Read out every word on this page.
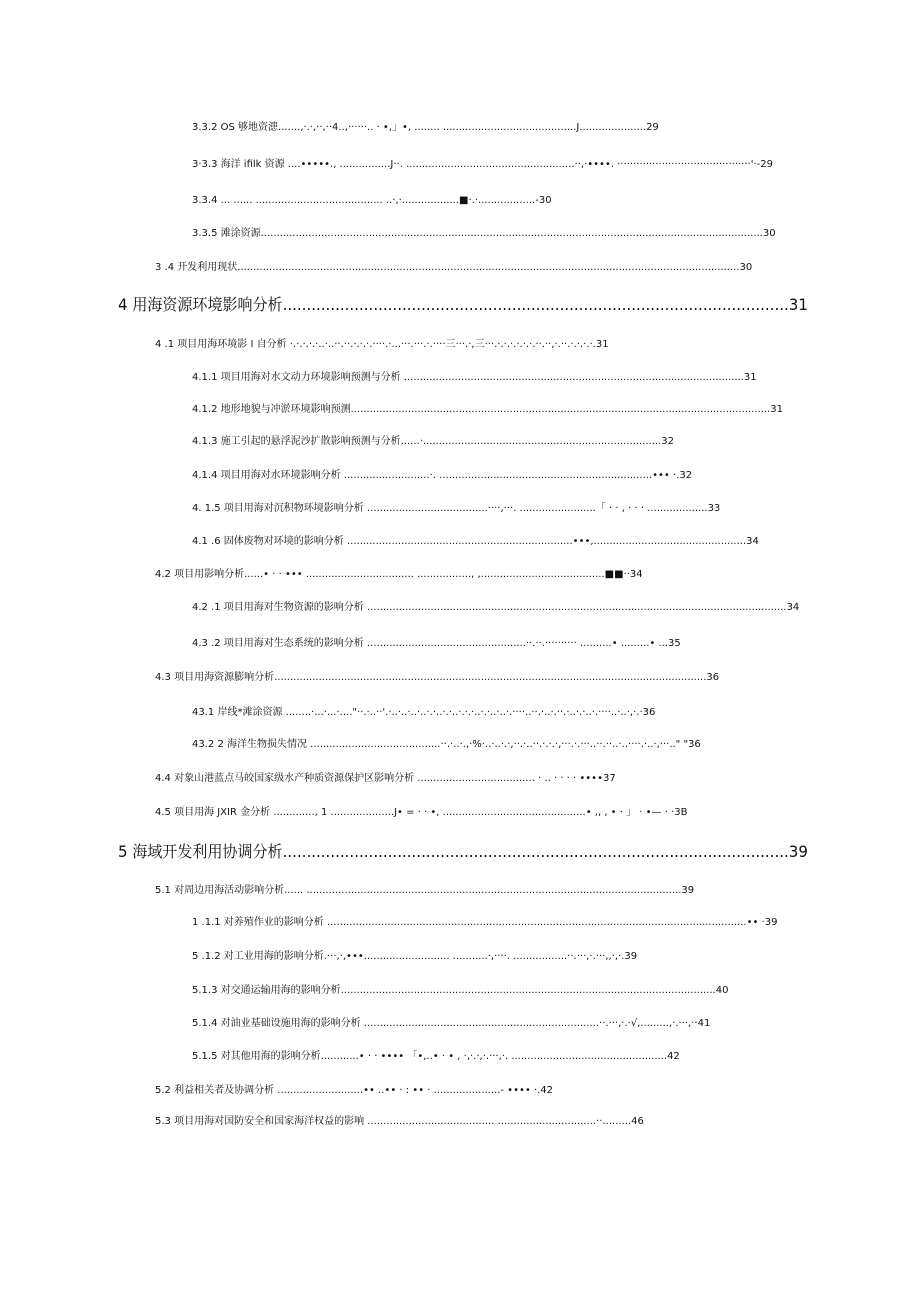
3.3.2 OS 够地资漶.......,·.·,··,··4..,······.. · •,」•, ........ ..........................................J.....................29
3·3.3 海洋 ifilk 资源 ....•••••., ................J··. .....................................................··,·••••. ··········································'·-29
3.3.4 ... ...... ........................................ ..·,·..................■·.·..................-30
3.3.5 滩涂资源..............................................................................................................................................................30
3 .4 开发利用现状..............................................................................................................................................................30
4 用海资源环境影响分析..........................................................................................................31
4 .1 项目用海环境影 I 自分析 ·.·.·.·.·..·..··.··.·.·.·.····.·...···.···.·.····三···.·,三···.·.·.·.·.·.·.··.··,·.··.·.·.·.·.31
4.1.1 项目用海对水文动力环境影响预测与分析 ...........................................................................................................31
4.1.2 地形地貌与冲淤环境影响预测....................................................................................................................................31
4.1.3 施工引起的悬浮泥沙扩散影响预测与分析......·...........................................................................32
4.1.4 项目用海对水环境影响分析 ...........................·. ...................................................................••• ·.32
4. 1.5 项目用海对沉积物环境影响分析 ......................................····,···. ........................「 · · , · · · ...................33
4.1 .6 固体废物对环境的影响分析 .......................................................................•••,................................................34
4.2 项目用影响分析......• · · ••• .................................. ................., ,.......................................■■··34
4.2 .1 项目用海对生物资源的影响分析 ....................................................................................................................................34
4.3 .2 项目用海对生态系统的影响分析 ..................................................··.··.·········· ..........• .........• ...35
4.3 项目用海资源膨响分析........................................................................................................................................36
43.1 岸线*滩涂资源 ........·...·...·...."··.·..··'.·..·..·..·..·.·..·.·..·.·.·..·.·..·..·.····..··.·..·.··.·..·.·..·.····..·..·,·.·36
43.2 2 海洋生物损失情况 .........................................··.·..·.,·%·..·..·.·,··.·..··.·.·.·,···.·.···..··.··..·..····.·..·,···.." "36
4.4 对象山港蓝点马皎国家级水产种质资源保护区影响分析 ..................................... · .. · · · · ••••37
4.5 项目用海 JXIR 金分析 ............., 1 ....................J• = · · •, .............................................• ,, , • · 」 · •— · ·3B
5 海域开发利用协调分析..........................................................................................................39
5.1 对周边用海活动影响分析...... ......................................................................................................................39
1 .1.1 对养殖作业的影响分析 ....................................................................................................................................•• ·39
5 .1.2 对工业用海的影响分析.···,·,•••........................... ...........·,····. .................··.···,·.···,,·,·.39
5.1.3 对交通运输用海的影响分析......................................................................................................................40
5.1.4 对油业基础设施用海的影响分析 ..........................................................................··.···,·.·√,.........,·.···,··41
5.1.5 对其他用海的影响分析............• · · •••• 「•,..• · • , ·,·.·,·.···,·. .................................................42
5.2 利益相关者及协调分析 ...........................•• ..•• · : •• · .....................- •••• ·.42
5.3 项目用海对国防安全和国家海洋权益的影响 ........................................ ...............................··.........46
